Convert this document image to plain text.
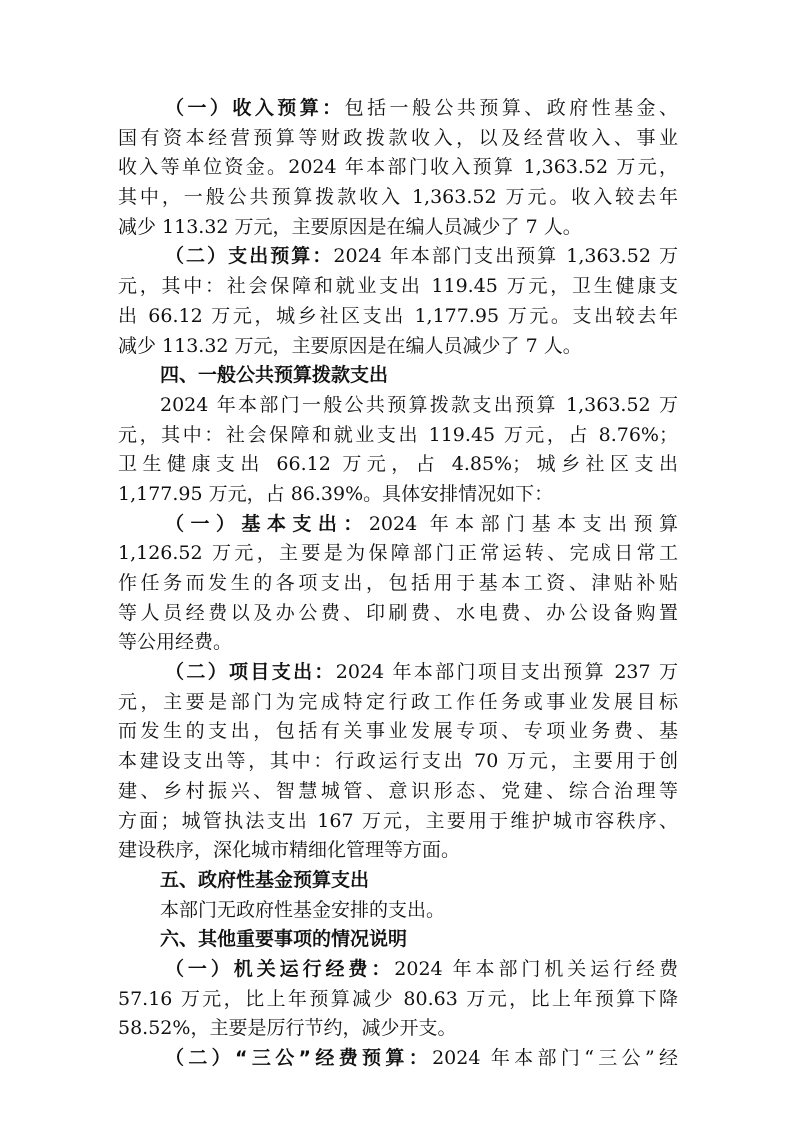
（一）收入预算：包括一般公共预算、政府性基金、
国有资本经营预算等财政拨款收入，以及经营收入、事业
收入等单位资金。2024 年本部门收入预算 1,363.52 万元，
其中，一般公共预算拨款收入 1,363.52 万元。收入较去年
减少 113.32 万元，主要原因是在编人员减少了 7 人。
（二）支出预算：2024 年本部门支出预算 1,363.52 万
元，其中：社会保障和就业支出 119.45 万元，卫生健康支
出 66.12 万元，城乡社区支出 1,177.95 万元。支出较去年
减少 113.32 万元，主要原因是在编人员减少了 7 人。
四、一般公共预算拨款支出
2024 年本部门一般公共预算拨款支出预算 1,363.52 万
元，其中：社会保障和就业支出 119.45 万元，占 8.76%；
卫生健康支出 66.12 万元，占 4.85%；城乡社区支出
1,177.95 万元，占 86.39%。具体安排情况如下：
（一）基本支出：2024 年本部门基本支出预算
1,126.52 万元，主要是为保障部门正常运转、完成日常工
作任务而发生的各项支出，包括用于基本工资、津贴补贴
等人员经费以及办公费、印刷费、水电费、办公设备购置
等公用经费。
（二）项目支出：2024 年本部门项目支出预算 237 万
元，主要是部门为完成特定行政工作任务或事业发展目标
而发生的支出，包括有关事业发展专项、专项业务费、基
本建设支出等，其中：行政运行支出 70 万元，主要用于创
建、乡村振兴、智慧城管、意识形态、党建、综合治理等
方面；城管执法支出 167 万元，主要用于维护城市容秩序、
建设秩序，深化城市精细化管理等方面。
五、政府性基金预算支出
本部门无政府性基金安排的支出。
六、其他重要事项的情况说明
（一）机关运行经费：2024 年本部门机关运行经费
57.16 万元，比上年预算减少 80.63 万元，比上年预算下降
58.52%，主要是厉行节约，减少开支。
（二）“三公”经费预算：2024 年本部门“三公”经
